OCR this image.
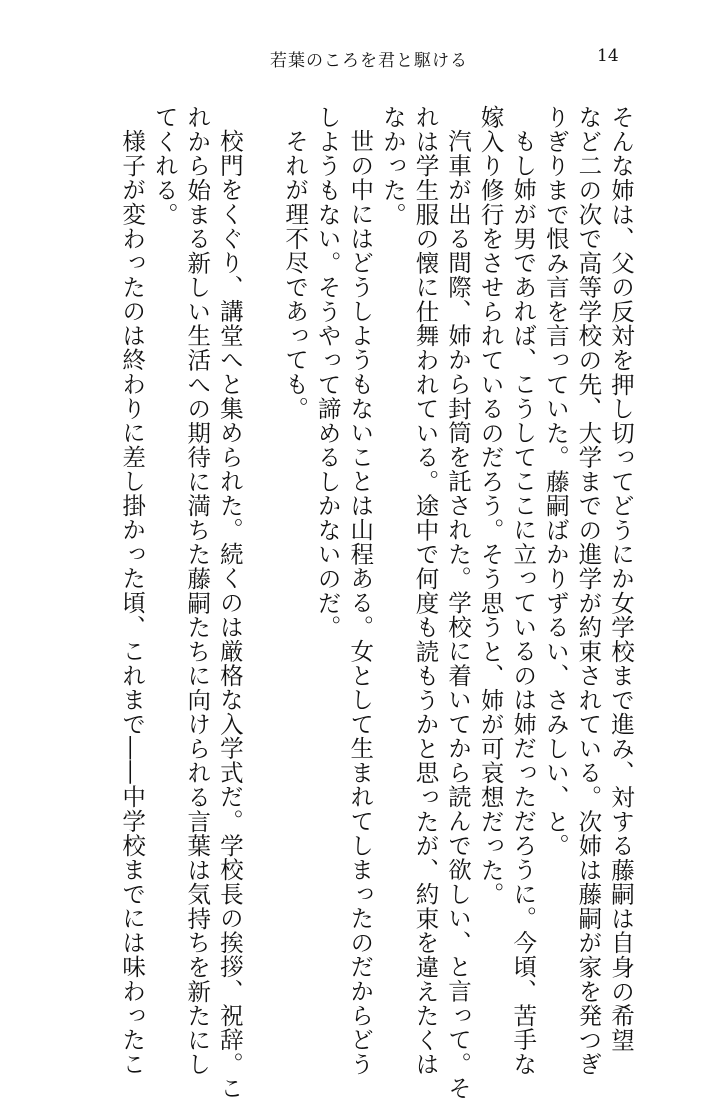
若葉のころを君と駆ける	14

そんな姉は、父の反対を押し切ってどうにか女学校まで進み、対する藤嗣は自身の希望

など二の次で高等学校の先、大学までの進学が約束されている。次姉は藤嗣が家を発つぎ

りぎりまで恨み言を言っていた。藤嗣ばかりずるい、さみしい、と。

もし姉が男であれば、こうしてここに立っているのは姉だっただろうに。今頃、苦手な

嫁入り修行をさせられているのだろう。そう思うと、姉が可哀想だった。

汽車が出る間際、姉から封筒を託された。学校に着いてから読んで欲しい、と言って。そ

れは学生服の懐に仕舞われている。途中で何度も読もうかと思ったが、約束を違えたくは

なかった。

世の中にはどうしようもないことは山程ある。女として生まれてしまったのだからどう

しようもない。そうやって諦めるしかないのだ。

それが理不尽であっても。

校門をくぐり、講堂へと集められた。続くのは厳格な入学式だ。学校長の挨拶、祝辞。こ

れから始まる新しい生活への期待に満ちた藤嗣たちに向けられる言葉は気持ちを新たにし

てくれる。

様子が変わったのは終わりに差し掛かった頃、これまで――中学校までには味わったこ
